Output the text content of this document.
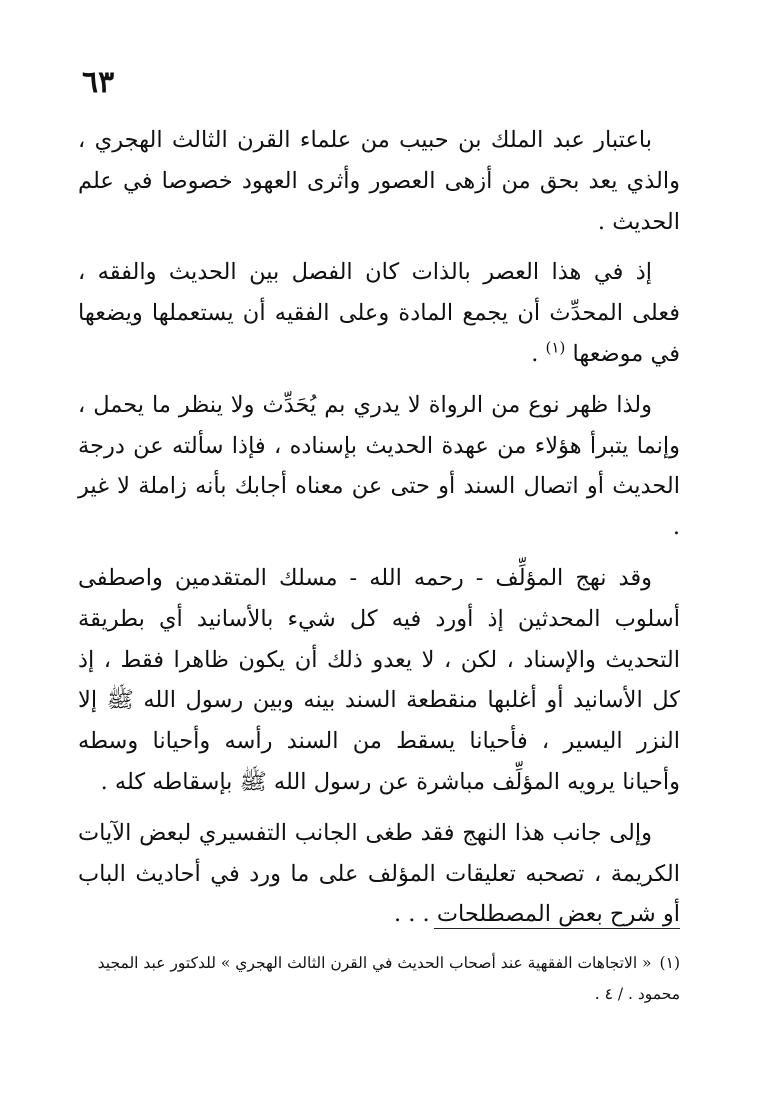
٦٣

باعتبار عبد الملك بن حبيب من علماء القرن الثالث الهجري ، والذي يعد بحق من أزهى العصور وأثرى العهود خصوصا في علم الحديث .

إذ في هذا العصر بالذات كان الفصل بين الحديث والفقه ، فعلى المحدِّث أن يجمع المادة وعلى الفقيه أن يستعملها ويضعها في موضعها $^{(١)}$ .

ولذا ظهر نوع من الرواة لا يدري بم يُحَدِّث ولا ينظر ما يحمل ، وإنما يتبرأ هؤلاء من عهدة الحديث بإسناده ، فإذا سألته عن درجة الحديث أو اتصال السند أو حتى عن معناه أجابك بأنه زاملة لا غير .

وقد نهج المؤلِّف - رحمه الله - مسلك المتقدمين واصطفى أسلوب المحدثين إذ أورد فيه كل شيء بالأسانيد أي بطريقة التحديث والإسناد ، لكن ، لا يعدو ذلك أن يكون ظاهرا فقط ، إذ كل الأسانيد أو أغلبها منقطعة السند بينه وبين رسول الله ﷺ إلا النزر اليسير ، فأحيانا يسقط من السند رأسه وأحيانا وسطه وأحيانا يرويه المؤلِّف مباشرة عن رسول الله ﷺ بإسقاطه كله .

وإلى جانب هذا النهج فقد طغى الجانب التفسيري لبعض الآيات الكريمة ، تصحبه تعليقات المؤلف على ما ورد في أحاديث الباب أو شرح بعض المصطلحات . . .

(١)« الاتجاهات الفقهية عند أصحاب الحديث في القرن الثالث الهجري » للدكتور عبد المجيد محمود . / ٤ .
